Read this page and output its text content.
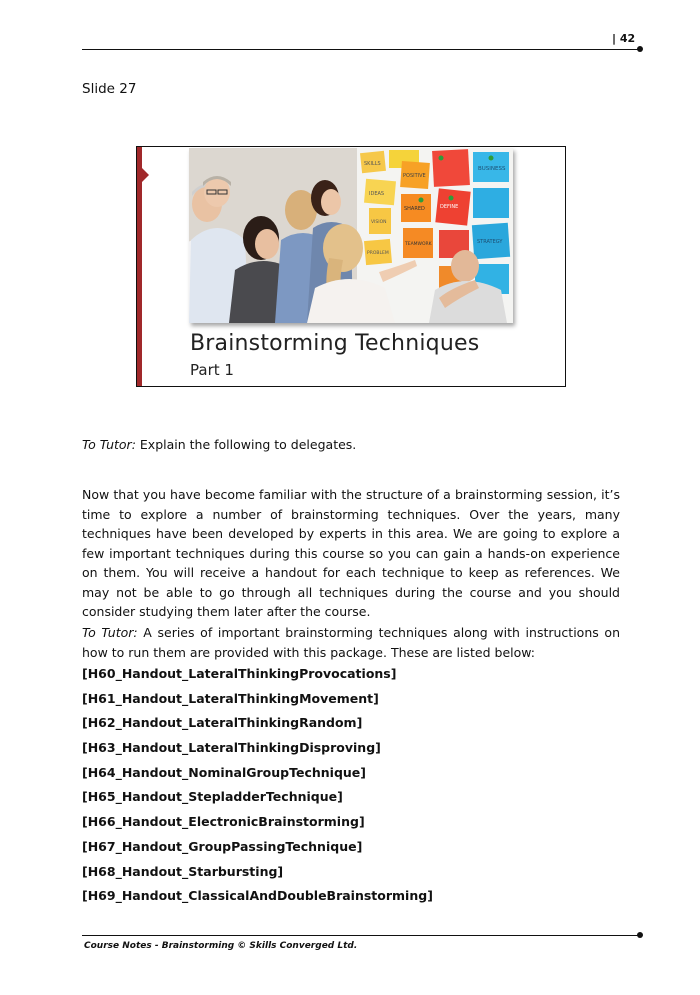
| 42
Slide 27
SKILLS
POSITIVE
BUSINESS
IDEAS
VISION
SHARED	DEFINE
STRATEGY
TEAMWORK
PROBLEM
Brainstorming Techniques
Part 1
To Tutor: Explain the following to delegates.
Now that you have become familiar with the structure of a brainstorming session, it’s time to explore a number of brainstorming techniques. Over the years, many techniques have been developed by experts in this area. We are going to explore a few important techniques during this course so you can gain a hands-on experience on them. You will receive a handout for each technique to keep as references. We may not be able to go through all techniques during the course and you should consider studying them later after the course.
To Tutor: A series of important brainstorming techniques along with instructions on how to run them are provided with this package. These are listed below:
[H60_Handout_LateralThinkingProvocations]
[H61_Handout_LateralThinkingMovement]
[H62_Handout_LateralThinkingRandom]
[H63_Handout_LateralThinkingDisproving]
[H64_Handout_NominalGroupTechnique]
[H65_Handout_StepladderTechnique]
[H66_Handout_ElectronicBrainstorming]
[H67_Handout_GroupPassingTechnique]
[H68_Handout_Starbursting]
[H69_Handout_ClassicalAndDoubleBrainstorming]
Course Notes - Brainstorming © Skills Converged Ltd.
